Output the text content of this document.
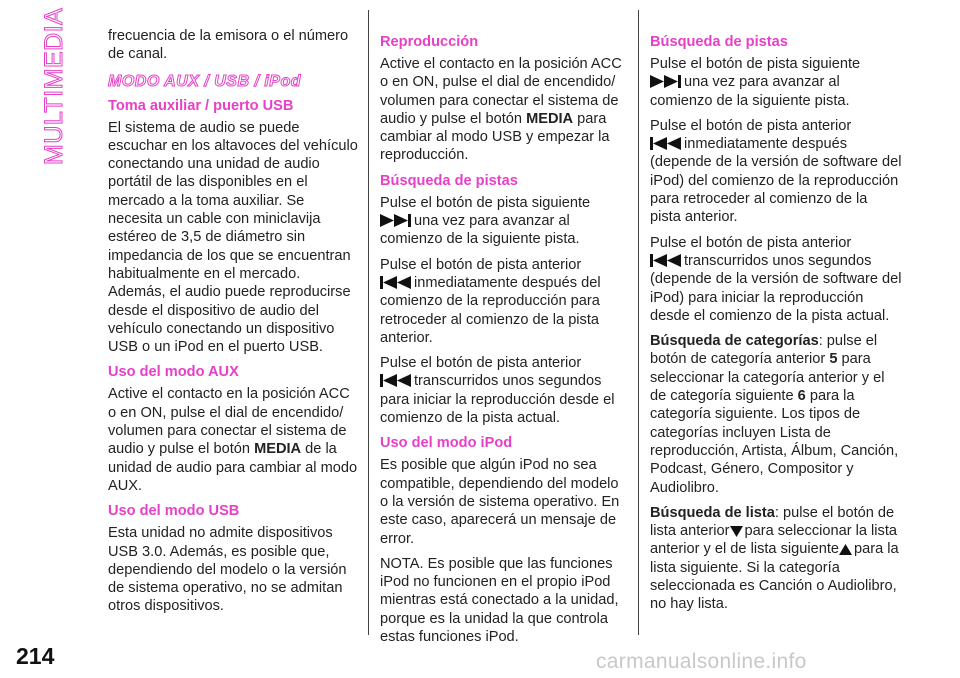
MULTIMEDIA	frecuencia de la emisora o el número de canal.

MODO AUX / USB / iPod
Toma auxiliar / puerto USB

El sistema de audio se puede escuchar en los altavoces del vehículo conectando una unidad de audio portátil de las disponibles en el mercado a la toma auxiliar. Se necesita un cable con miniclavija estéreo de 3,5 de diámetro sin impedancia de los que se encuentran habitualmente en el mercado. Además, el audio puede reproducirse desde el dispositivo de audio del vehículo conectando un dispositivo USB o un iPod en el puerto USB.

Uso del modo AUX

Active el contacto en la posición ACC o en ON, pulse el dial de encendido/ volumen para conectar el sistema de audio y pulse el botón MEDIA de la unidad de audio para cambiar al modo AUX.

Uso del modo USB

Esta unidad no admite dispositivos USB 3.0. Además, es posible que, dependiendo del modelo o la versión de sistema operativo, no se admitan otros dispositivos.

Reproducción

Active el contacto en la posición ACC o en ON, pulse el dial de encendido/ volumen para conectar el sistema de audio y pulse el botón MEDIA para cambiar al modo USB y empezar la reproducción.

Búsqueda de pistas

Pulse el botón de pista siguiente

una vez para avanzar al comienzo de la siguiente pista.

Pulse el botón de pista anterior

inmediatamente después del comienzo de la reproducción para retroceder al comienzo de la pista anterior.

Pulse el botón de pista anterior

transcurridos unos segundos para iniciar la reproducción desde el comienzo de la pista actual.

Uso del modo iPod

Es posible que algún iPod no sea compatible, dependiendo del modelo o la versión de sistema operativo. En este caso, aparecerá un mensaje de error.

NOTA. Es posible que las funciones iPod no funcionen en el propio iPod mientras está conectado a la unidad, porque es la unidad la que controla estas funciones iPod.

Búsqueda de pistas

Pulse el botón de pista siguiente

una vez para avanzar al comienzo de la siguiente pista.

Pulse el botón de pista anterior

inmediatamente después (depende de la versión de software del iPod) del comienzo de la reproducción para retroceder al comienzo de la pista anterior.

Pulse el botón de pista anterior

transcurridos unos segundos (depende de la versión de software del iPod) para iniciar la reproducción desde el comienzo de la pista actual.

Búsqueda de categorías: pulse el botón de categoría anterior 5 para seleccionar la categoría anterior y el de categoría siguiente 6 para la categoría siguiente. Los tipos de categorías incluyen Lista de reproducción, Artista, Álbum, Canción, Podcast, Género, Compositor y Audiolibro.

Búsqueda de lista: pulse el botón de lista anterior para seleccionar la lista anterior y el de lista siguiente para la lista siguiente. Si la categoría seleccionada es Canción o Audiolibro, no hay lista.

214	carmanualsonline.info
